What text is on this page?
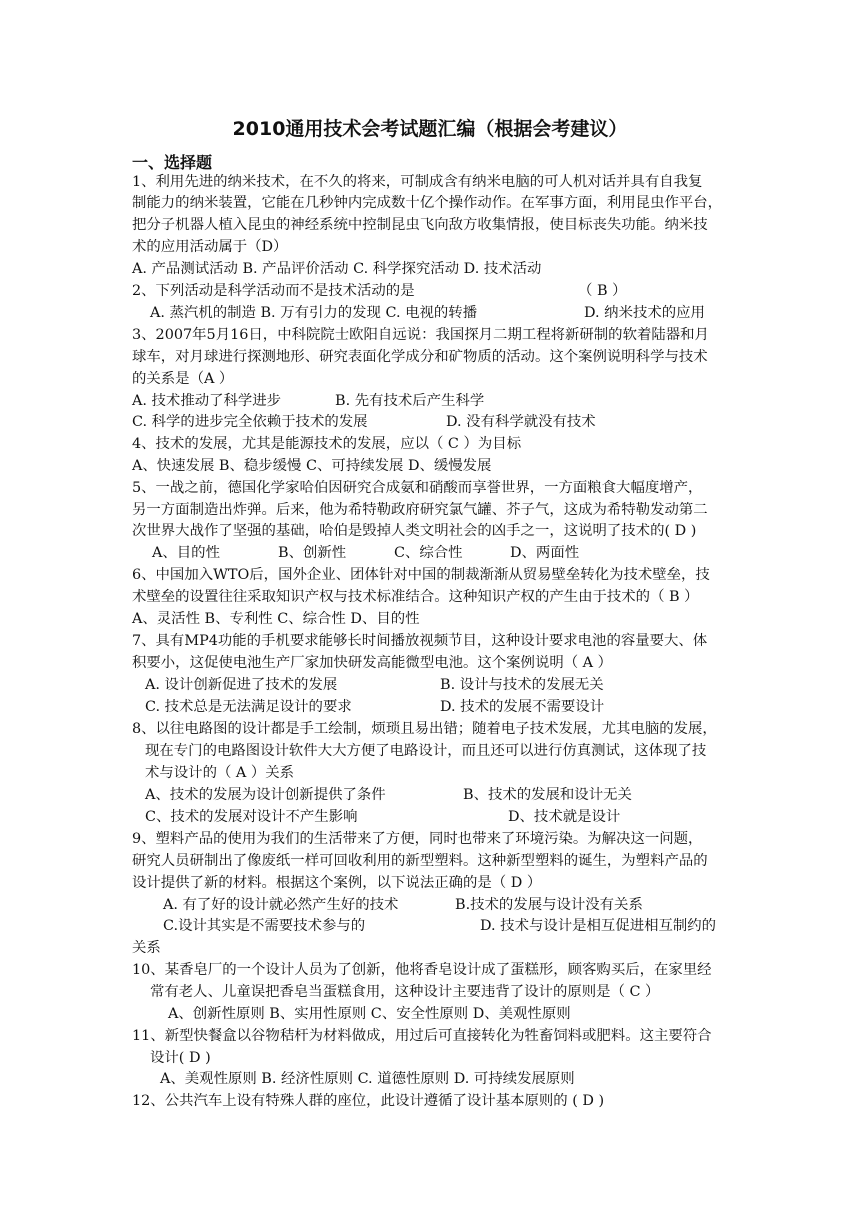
2010通用技术会考试题汇编（根据会考建议）
一、选择题
1、利用先进的纳米技术，在不久的将来，可制成含有纳米电脑的可人机对话并具有自我复
制能力的纳米装置，它能在几秒钟内完成数十亿个操作动作。在军事方面，利用昆虫作平台，
把分子机器人植入昆虫的神经系统中控制昆虫飞向敌方收集情报，使目标丧失功能。纳米技
术的应用活动属于（D）
A. 产品测试活动 B. 产品评价活动 C. 科学探究活动 D. 技术活动
2、下列活动是科学活动而不是技术活动的是	（ B ）
A. 蒸汽机的制造 B. 万有引力的发现 C. 电视的转播	D. 纳米技术的应用
3、2007年5月16日，中科院院士欧阳自远说：我国探月二期工程将新研制的软着陆器和月
球车，对月球进行探测地形、研究表面化学成分和矿物质的活动。这个案例说明科学与技术
的关系是（A ）
A. 技术推动了科学进步	B. 先有技术后产生科学
C. 科学的进步完全依赖于技术的发展	D. 没有科学就没有技术
4、技术的发展，尤其是能源技术的发展，应以（ C ）为目标
A、快速发展 B、稳步缓慢 C、可持续发展 D、缓慢发展
5、一战之前，德国化学家哈伯因研究合成氨和硝酸而享誉世界，一方面粮食大幅度增产，
另一方面制造出炸弹。后来，他为希特勒政府研究氯气罐、芥子气，这成为希特勒发动第二
次世界大战作了坚强的基础，哈伯是毁掉人类文明社会的凶手之一，这说明了技术的( D )
A、目的性	B、创新性	C、综合性	D、两面性
6、中国加入WTO后，国外企业、团体针对中国的制裁渐渐从贸易壁垒转化为技术壁垒，技
术壁垒的设置往往采取知识产权与技术标准结合。这种知识产权的产生由于技术的（ B ）
A、灵活性 B、专利性 C、综合性 D、目的性
7、具有MP4功能的手机要求能够长时间播放视频节目，这种设计要求电池的容量要大、体
积要小，这促使电池生产厂家加快研发高能微型电池。这个案例说明（ A ）
A. 设计创新促进了技术的发展	B. 设计与技术的发展无关
C. 技术总是无法满足设计的要求	D. 技术的发展不需要设计
8、以往电路图的设计都是手工绘制，烦琐且易出错；随着电子技术发展，尤其电脑的发展，
现在专门的电路图设计软件大大方便了电路设计，而且还可以进行仿真测试，这体现了技
术与设计的（ A ）关系
A、技术的发展为设计创新提供了条件	B、技术的发展和设计无关
C、技术的发展对设计不产生影响	D、技术就是设计
9、塑料产品的使用为我们的生活带来了方便，同时也带来了环境污染。为解决这一问题，
研究人员研制出了像废纸一样可回收利用的新型塑料。这种新型塑料的诞生，为塑料产品的
设计提供了新的材料。根据这个案例，以下说法正确的是（ D ）
A. 有了好的设计就必然产生好的技术	B.技术的发展与设计没有关系
C.设计其实是不需要技术参与的	D. 技术与设计是相互促进相互制约的
关系
10、某香皂厂的一个设计人员为了创新，他将香皂设计成了蛋糕形，顾客购买后，在家里经
常有老人、儿童误把香皂当蛋糕食用，这种设计主要违背了设计的原则是（ C ）
A、创新性原则 B、实用性原则 C、安全性原则 D、美观性原则
11、新型快餐盒以谷物秸杆为材料做成，用过后可直接转化为牲畜饲料或肥料。这主要符合
设计( D )
A、美观性原则 B. 经济性原则 C. 道德性原则 D. 可持续发展原则
12、公共汽车上设有特殊人群的座位，此设计遵循了设计基本原则的 ( D )
